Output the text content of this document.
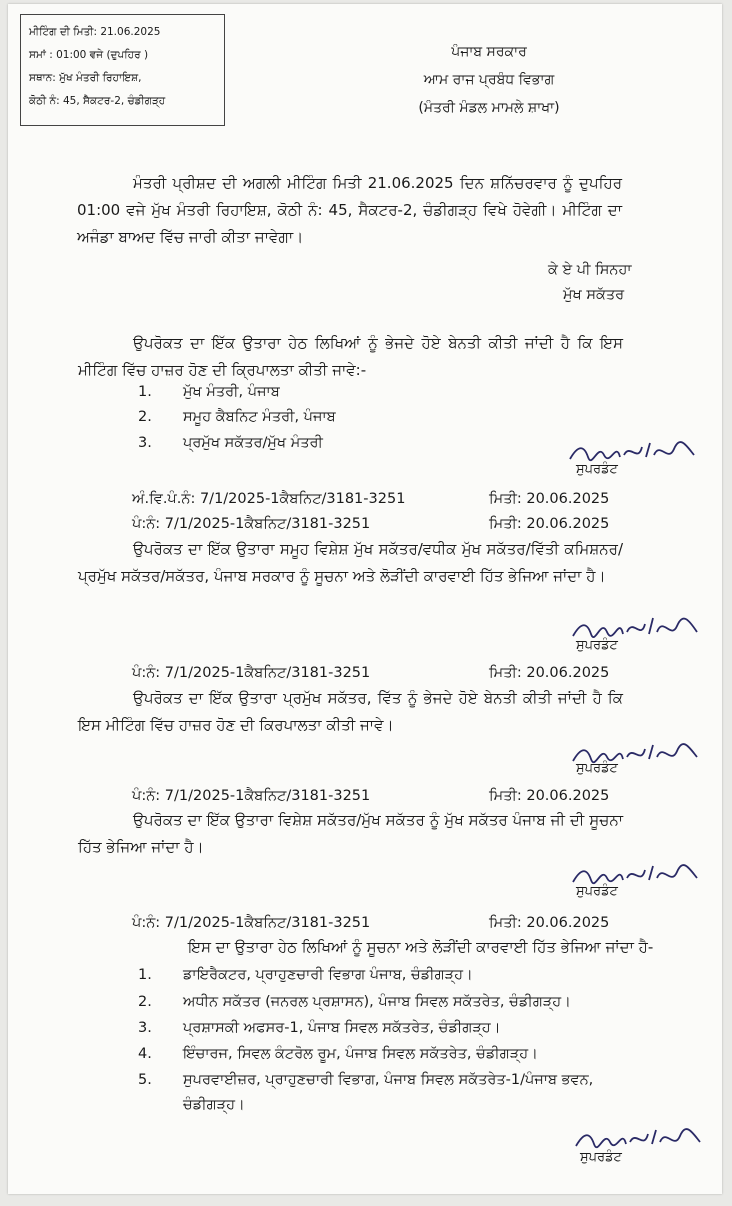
ਮੀਟਿੰਗ ਦੀ ਮਿਤੀ: 21.06.2025
ਸਮਾਂ : 01:00 ਵਜੇ (ਦੁਪਹਿਰ )
ਸਥਾਨ: ਮੁੱਖ ਮੰਤਰੀ ਰਿਹਾਇਸ਼,
ਕੋਠੀ ਨੰ: 45, ਸੈਕਟਰ-2, ਚੰਡੀਗੜ੍ਹ
ਪੰਜਾਬ ਸਰਕਾਰ
ਆਮ ਰਾਜ ਪ੍ਰਬੰਧ ਵਿਭਾਗ
(ਮੰਤਰੀ ਮੰਡਲ ਮਾਮਲੇ ਸ਼ਾਖਾ)
ਮੰਤਰੀ ਪ੍ਰੀਸ਼ਦ ਦੀ ਅਗਲੀ ਮੀਟਿੰਗ ਮਿਤੀ 21.06.2025 ਦਿਨ ਸ਼ਨਿੱਚਰਵਾਰ ਨੂੰ ਦੁਪਹਿਰ 01:00 ਵਜੇ ਮੁੱਖ ਮੰਤਰੀ ਰਿਹਾਇਸ਼, ਕੋਠੀ ਨੰ: 45, ਸੈਕਟਰ-2, ਚੰਡੀਗੜ੍ਹ ਵਿਖੇ ਹੋਵੇਗੀ। ਮੀਟਿੰਗ ਦਾ ਅਜੰਡਾ ਬਾਅਦ ਵਿੱਚ ਜਾਰੀ ਕੀਤਾ ਜਾਵੇਗਾ।
ਕੇ ਏ ਪੀ ਸਿਨਹਾ
ਮੁੱਖ ਸਕੱਤਰ
ਉਪਰੋਕਤ ਦਾ ਇੱਕ ਉਤਾਰਾ ਹੇਠ ਲਿਖਿਆਂ ਨੂੰ ਭੇਜਦੇ ਹੋਏ ਬੇਨਤੀ ਕੀਤੀ ਜਾਂਦੀ ਹੈ ਕਿ ਇਸ ਮੀਟਿੰਗ ਵਿੱਚ ਹਾਜ਼ਰ ਹੋਣ ਦੀ ਕ੍ਰਿਪਾਲਤਾ ਕੀਤੀ ਜਾਵੇ:-
1. ਮੁੱਖ ਮੰਤਰੀ, ਪੰਜਾਬ
2. ਸਮੂਹ ਕੈਬਨਿਟ ਮੰਤਰੀ, ਪੰਜਾਬ
3. ਪ੍ਰਮੁੱਖ ਸਕੱਤਰ/ਮੁੱਖ ਮੰਤਰੀ
ਸੁਪਰਡੰਟ
ਅੰ.ਵਿ.ਪੰ.ਨੰ: 7/1/2025-1ਕੈਬਨਿਟ/3181-3251	ਮਿਤੀ: 20.06.2025
ਪੰ:ਨੰ: 7/1/2025-1ਕੈਬਨਿਟ/3181-3251	ਮਿਤੀ: 20.06.2025
ਉਪਰੋਕਤ ਦਾ ਇੱਕ ਉਤਾਰਾ ਸਮੂਹ ਵਿਸ਼ੇਸ਼ ਮੁੱਖ ਸਕੱਤਰ/ਵਧੀਕ ਮੁੱਖ ਸਕੱਤਰ/ਵਿੱਤੀ ਕਮਿਸ਼ਨਰ/ਪ੍ਰਮੁੱਖ ਸਕੱਤਰ/ਸਕੱਤਰ, ਪੰਜਾਬ ਸਰਕਾਰ ਨੂੰ ਸੂਚਨਾ ਅਤੇ ਲੋੜੀਂਦੀ ਕਾਰਵਾਈ ਹਿੱਤ ਭੇਜਿਆ ਜਾਂਦਾ ਹੈ।
ਸੁਪਰਡੰਟ
ਪੰ:ਨੰ: 7/1/2025-1ਕੈਬਨਿਟ/3181-3251	ਮਿਤੀ: 20.06.2025
ਉਪਰੋਕਤ ਦਾ ਇੱਕ ਉਤਾਰਾ ਪ੍ਰਮੁੱਖ ਸਕੱਤਰ, ਵਿੱਤ ਨੂੰ ਭੇਜਦੇ ਹੋਏ ਬੇਨਤੀ ਕੀਤੀ ਜਾਂਦੀ ਹੈ ਕਿ ਇਸ ਮੀਟਿੰਗ ਵਿੱਚ ਹਾਜ਼ਰ ਹੋਣ ਦੀ ਕਿਰਪਾਲਤਾ ਕੀਤੀ ਜਾਵੇ।
ਸੁਪਰਡੰਟ
ਪੰ:ਨੰ: 7/1/2025-1ਕੈਬਨਿਟ/3181-3251	ਮਿਤੀ: 20.06.2025
ਉਪਰੋਕਤ ਦਾ ਇੱਕ ਉਤਾਰਾ ਵਿਸ਼ੇਸ਼ ਸਕੱਤਰ/ਮੁੱਖ ਸਕੱਤਰ ਨੂੰ ਮੁੱਖ ਸਕੱਤਰ ਪੰਜਾਬ ਜੀ ਦੀ ਸੂਚਨਾ ਹਿੱਤ ਭੇਜਿਆ ਜਾਂਦਾ ਹੈ।
ਸੁਪਰਡੰਟ
ਪੰ:ਨੰ: 7/1/2025-1ਕੈਬਨਿਟ/3181-3251	ਮਿਤੀ: 20.06.2025
ਇਸ ਦਾ ਉਤਾਰਾ ਹੇਠ ਲਿਖਿਆਂ ਨੂੰ ਸੂਚਨਾ ਅਤੇ ਲੋੜੀਂਦੀ ਕਾਰਵਾਈ ਹਿੱਤ ਭੇਜਿਆ ਜਾਂਦਾ ਹੈ-
1. ਡਾਇਰੈਕਟਰ, ਪ੍ਰਾਹੁਣਚਾਰੀ ਵਿਭਾਗ ਪੰਜਾਬ, ਚੰਡੀਗੜ੍ਹ।
2. ਅਧੀਨ ਸਕੱਤਰ (ਜਨਰਲ ਪ੍ਰਸ਼ਾਸਨ), ਪੰਜਾਬ ਸਿਵਲ ਸਕੱਤਰੇਤ, ਚੰਡੀਗੜ੍ਹ।
3. ਪ੍ਰਸ਼ਾਸਕੀ ਅਫਸਰ-1, ਪੰਜਾਬ ਸਿਵਲ ਸਕੱਤਰੇਤ, ਚੰਡੀਗੜ੍ਹ।
4. ਇੰਚਾਰਜ, ਸਿਵਲ ਕੰਟਰੋਲ ਰੂਮ, ਪੰਜਾਬ ਸਿਵਲ ਸਕੱਤਰੇਤ, ਚੰਡੀਗੜ੍ਹ।
5. ਸੁਪਰਵਾਈਜ਼ਰ, ਪ੍ਰਾਹੁਣਚਾਰੀ ਵਿਭਾਗ, ਪੰਜਾਬ ਸਿਵਲ ਸਕੱਤਰੇਤ-1/ਪੰਜਾਬ ਭਵਨ,
ਚੰਡੀਗੜ੍ਹ।
ਸੁਪਰਡੰਟ
